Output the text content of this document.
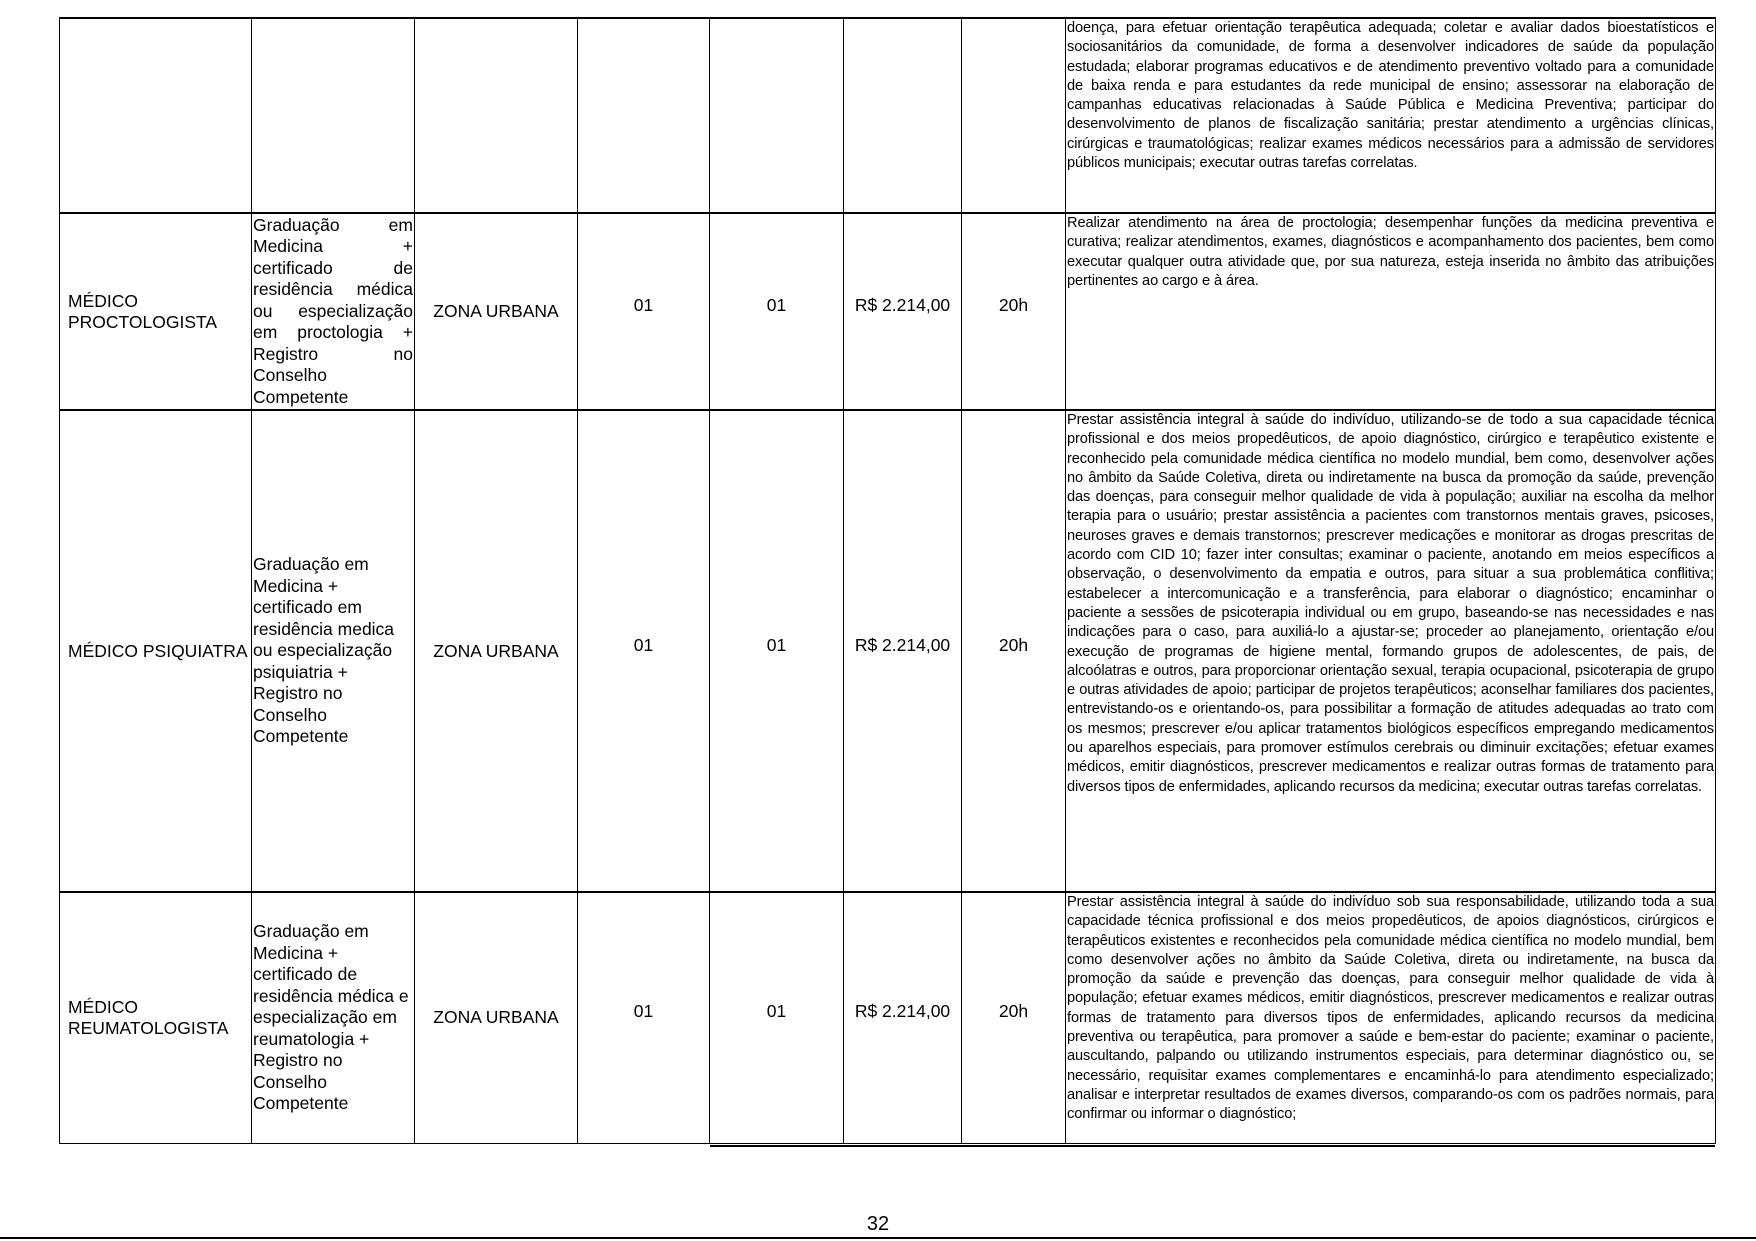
							doença, para efetuar orientação terapêutica adequada; coletar e avaliar dados bioestatísticos e sociosanitários da comunidade, de forma a desenvolver indicadores de saúde da população estudada; elaborar programas educativos e de atendimento preventivo voltado para a comunidade de baixa renda e para estudantes da rede municipal de ensino; assessorar na elaboração de campanhas educativas relacionadas à Saúde Pública e Medicina Preventiva; participar do desenvolvimento de planos de fiscalização sanitária; prestar atendimento a urgências clínicas, cirúrgicas e traumatológicas; realizar exames médicos necessários para a admissão de servidores públicos municipais; executar outras tarefas correlatas.
MÉDICO PROCTOLOGISTA	Graduação em Medicina + certificado de residência médica ou especialização em proctologia + Registro no Conselho Competente	ZONA URBANA	01	01	R$ 2.214,00	20h	Realizar atendimento na área de proctologia; desempenhar funções da medicina preventiva e curativa; realizar atendimentos, exames, diagnósticos e acompanhamento dos pacientes, bem como executar qualquer outra atividade que, por sua natureza, esteja inserida no âmbito das atribuições pertinentes ao cargo e à área.
MÉDICO PSIQUIATRA	Graduação em Medicina + certificado em residência medica ou especialização psiquiatria + Registro no Conselho Competente	ZONA URBANA	01	01	R$ 2.214,00	20h	Prestar assistência integral à saúde do indivíduo, utilizando-se de todo a sua capacidade técnica profissional e dos meios propedêuticos, de apoio diagnóstico, cirúrgico e terapêutico existente e reconhecido pela comunidade médica científica no modelo mundial, bem como, desenvolver ações no âmbito da Saúde Coletiva, direta ou indiretamente na busca da promoção da saúde, prevenção das doenças, para conseguir melhor qualidade de vida à população; auxiliar na escolha da melhor terapia para o usuário; prestar assistência a pacientes com transtornos mentais graves, psicoses, neuroses graves e demais transtornos; prescrever medicações e monitorar as drogas prescritas de acordo com CID 10; fazer inter consultas; examinar o paciente, anotando em meios específicos a observação, o desenvolvimento da empatia e outros, para situar a sua problemática conflitiva; estabelecer a intercomunicação e a transferência, para elaborar o diagnóstico; encaminhar o paciente a sessões de psicoterapia individual ou em grupo, baseando-se nas necessidades e nas indicações para o caso, para auxiliá-lo a ajustar-se; proceder ao planejamento, orientação e/ou execução de programas de higiene mental, formando grupos de adolescentes, de pais, de alcoólatras e outros, para proporcionar orientação sexual, terapia ocupacional, psicoterapia de grupo e outras atividades de apoio; participar de projetos terapêuticos; aconselhar familiares dos pacientes, entrevistando-os e orientando-os, para possibilitar a formação de atitudes adequadas ao trato com os mesmos; prescrever e/ou aplicar tratamentos biológicos específicos empregando medicamentos ou aparelhos especiais, para promover estímulos cerebrais ou diminuir excitações; efetuar exames médicos, emitir diagnósticos, prescrever medicamentos e realizar outras formas de tratamento para diversos tipos de enfermidades, aplicando recursos da medicina; executar outras tarefas correlatas.
MÉDICO REUMATOLOGISTA	Graduação em Medicina + certificado de residência médica e especialização em reumatologia + Registro no Conselho Competente	ZONA URBANA	01	01	R$ 2.214,00	20h	Prestar assistência integral à saúde do indivíduo sob sua responsabilidade, utilizando toda a sua capacidade técnica profissional e dos meios propedêuticos, de apoios diagnósticos, cirúrgicos e terapêuticos existentes e reconhecidos pela comunidade médica científica no modelo mundial, bem como desenvolver ações no âmbito da Saúde Coletiva, direta ou indiretamente, na busca da promoção da saúde e prevenção das doenças, para conseguir melhor qualidade de vida à população; efetuar exames médicos, emitir diagnósticos, prescrever medicamentos e realizar outras formas de tratamento para diversos tipos de enfermidades, aplicando recursos da medicina preventiva ou terapêutica, para promover a saúde e bem-estar do paciente; examinar o paciente, auscultando, palpando ou utilizando instrumentos especiais, para determinar diagnóstico ou, se necessário, requisitar exames complementares e encaminhá-lo para atendimento especializado; analisar e interpretar resultados de exames diversos, comparando-os com os padrões normais, para confirmar ou informar o diagnóstico;
32
